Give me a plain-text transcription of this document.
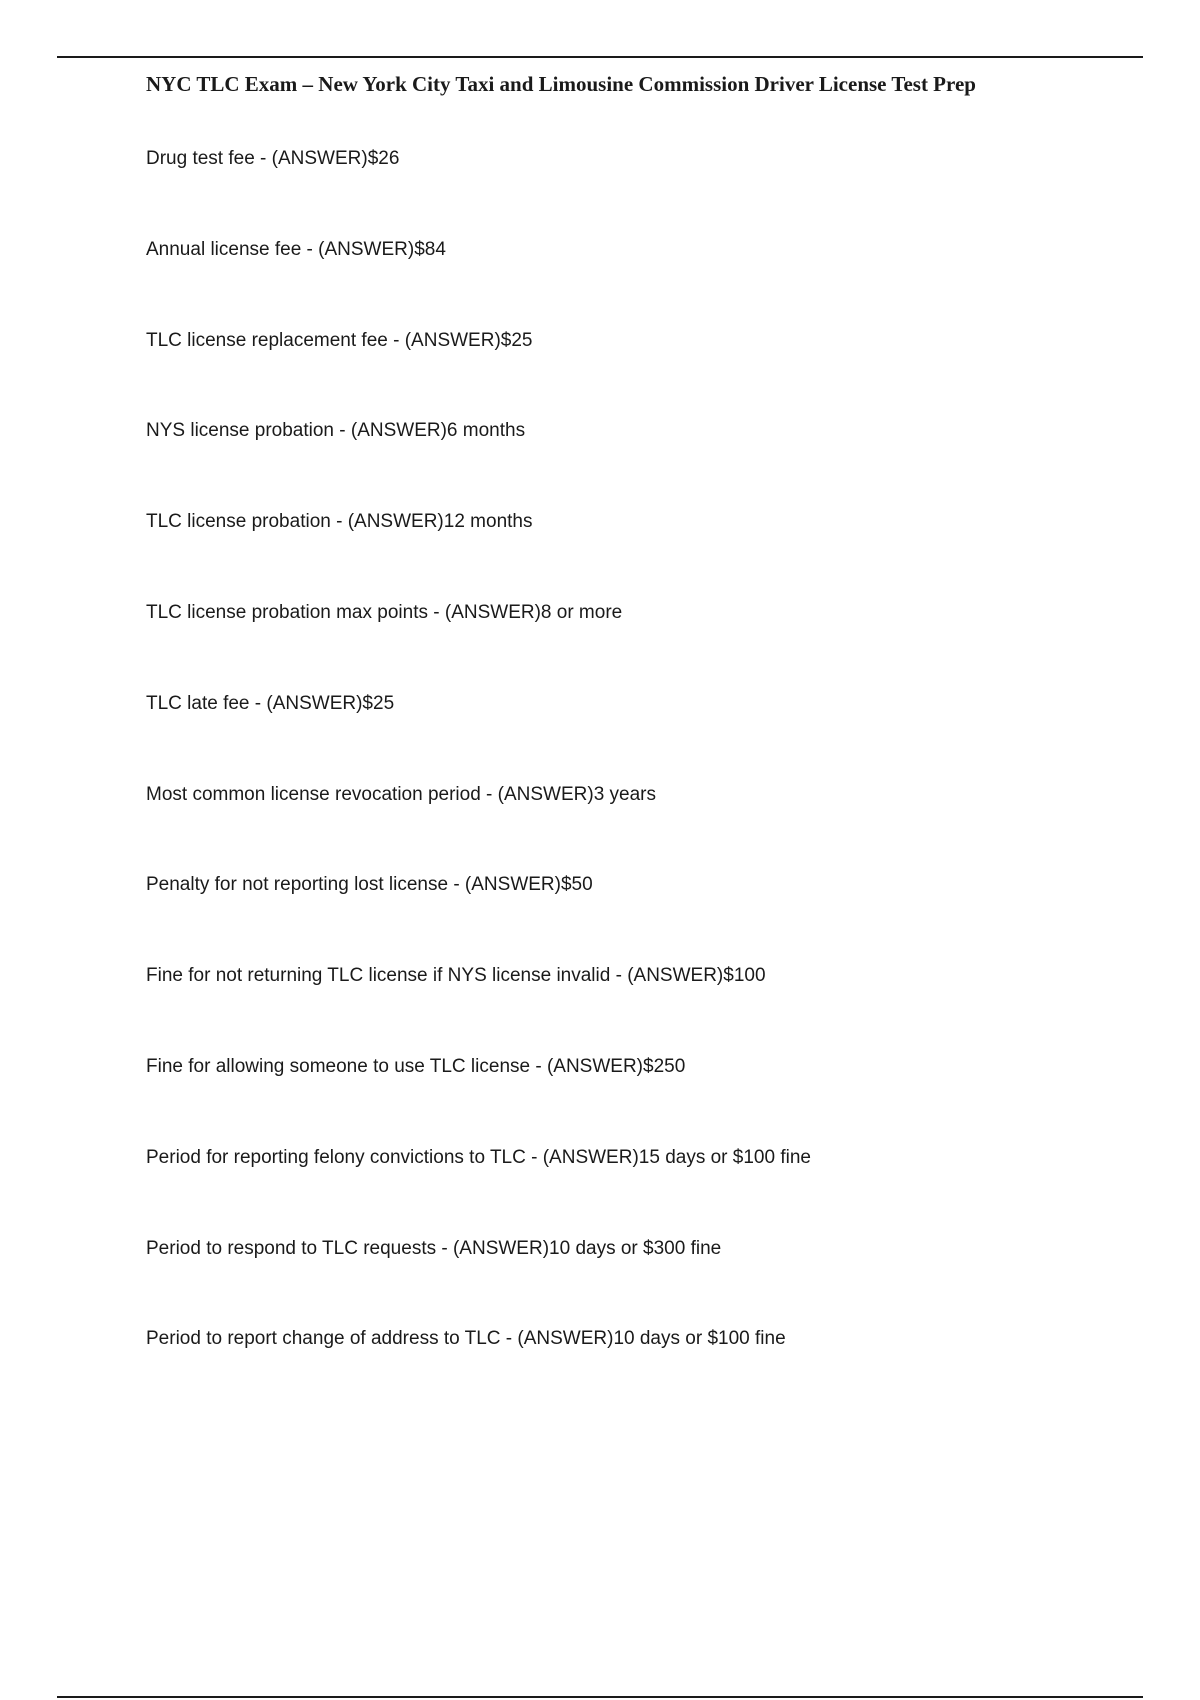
NYC TLC Exam – New York City Taxi and Limousine Commission Driver License Test Prep
Drug test fee - (ANSWER)$26
Annual license fee - (ANSWER)$84
TLC license replacement fee - (ANSWER)$25
NYS license probation - (ANSWER)6 months
TLC license probation - (ANSWER)12 months
TLC license probation max points - (ANSWER)8 or more
TLC late fee - (ANSWER)$25
Most common license revocation period - (ANSWER)3 years
Penalty for not reporting lost license - (ANSWER)$50
Fine for not returning TLC license if NYS license invalid - (ANSWER)$100
Fine for allowing someone to use TLC license - (ANSWER)$250
Period for reporting felony convictions to TLC - (ANSWER)15 days or $100 fine
Period to respond to TLC requests - (ANSWER)10 days or $300 fine
Period to report change of address to TLC - (ANSWER)10 days or $100 fine
